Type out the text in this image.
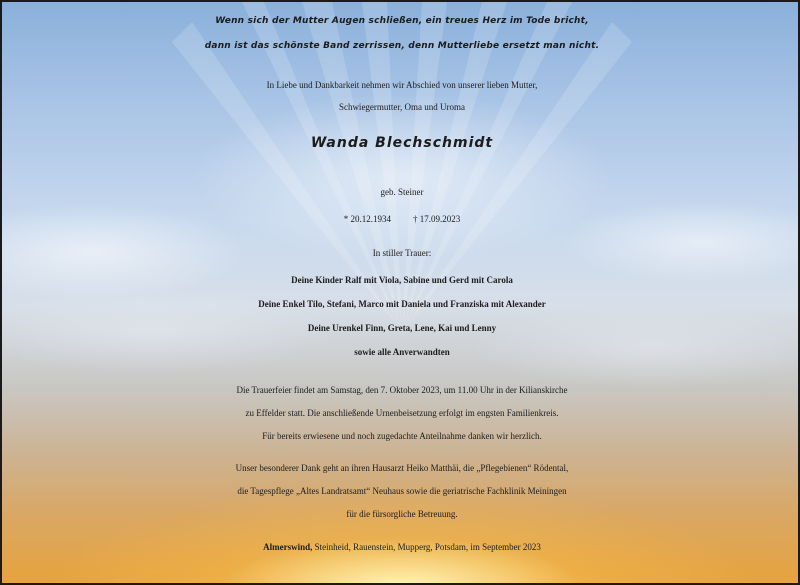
Wenn sich der Mutter Augen schließen, ein treues Herz im Tode bricht,
dann ist das schönste Band zerrissen, denn Mutterliebe ersetzt man nicht.
In Liebe und Dankbarkeit nehmen wir Abschied von unserer lieben Mutter,
Schwiegermutter, Oma und Uroma
Wanda Blechschmidt
geb. Steiner
* 20.12.1934 † 17.09.2023
In stiller Trauer:
Deine Kinder Ralf mit Viola, Sabine und Gerd mit Carola
Deine Enkel Tilo, Stefani, Marco mit Daniela und Franziska mit Alexander
Deine Urenkel Finn, Greta, Lene, Kai und Lenny
sowie alle Anverwandten
Die Trauerfeier findet am Samstag, den 7. Oktober 2023, um 11.00 Uhr in der Kilianskirche
zu Effelder statt. Die anschließende Urnenbeisetzung erfolgt im engsten Familienkreis.
Für bereits erwiesene und noch zugedachte Anteilnahme danken wir herzlich.
Unser besonderer Dank geht an ihren Hausarzt Heiko Matthäi, die „Pflegebienen“ Rödental,
die Tagespflege „Altes Landratsamt“ Neuhaus sowie die geriatrische Fachklinik Meiningen
für die fürsorgliche Betreuung.
Almerswind, Steinheid, Rauenstein, Mupperg, Potsdam, im September 2023
